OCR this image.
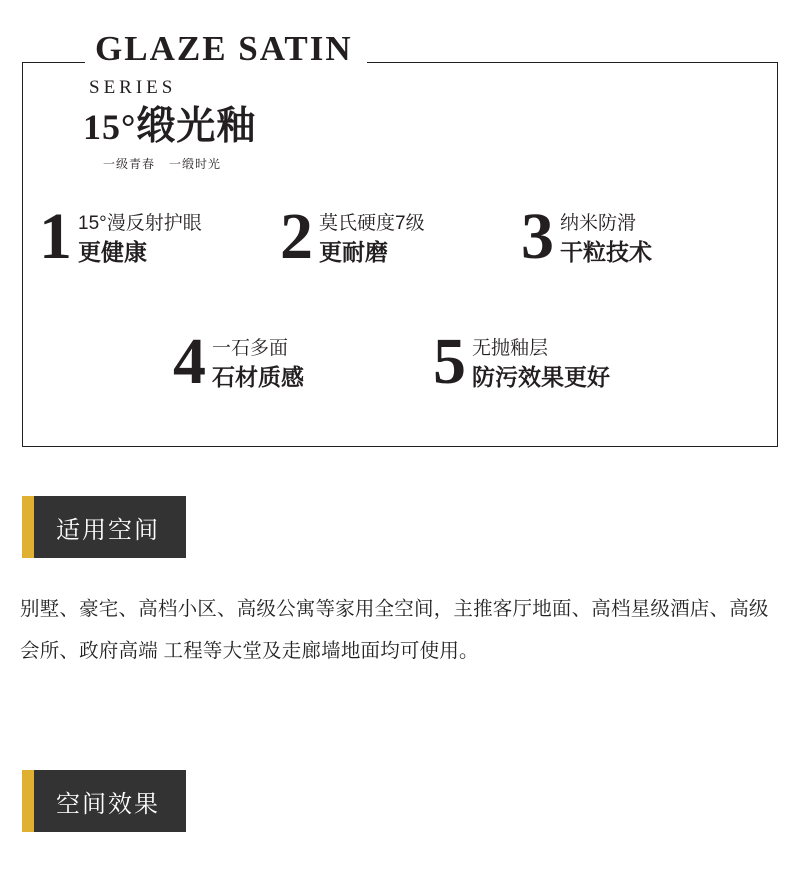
GLAZE SATIN
SERIES
15°缎光釉
一级青春 一缎时光
1 15°漫反射护眼
更健康	2 莫氏硬度7级
更耐磨	3 纳米防滑
干粒技术
4 一石多面
石材质感 5 无抛釉层
防污效果更好
适用空间
别墅、豪宅、高档小区、高级公寓等家用全空间，主推客厅地面、高档星级酒店、高级会所、政府高端 工程等大堂及走廊墙地面均可使用。
空间效果
